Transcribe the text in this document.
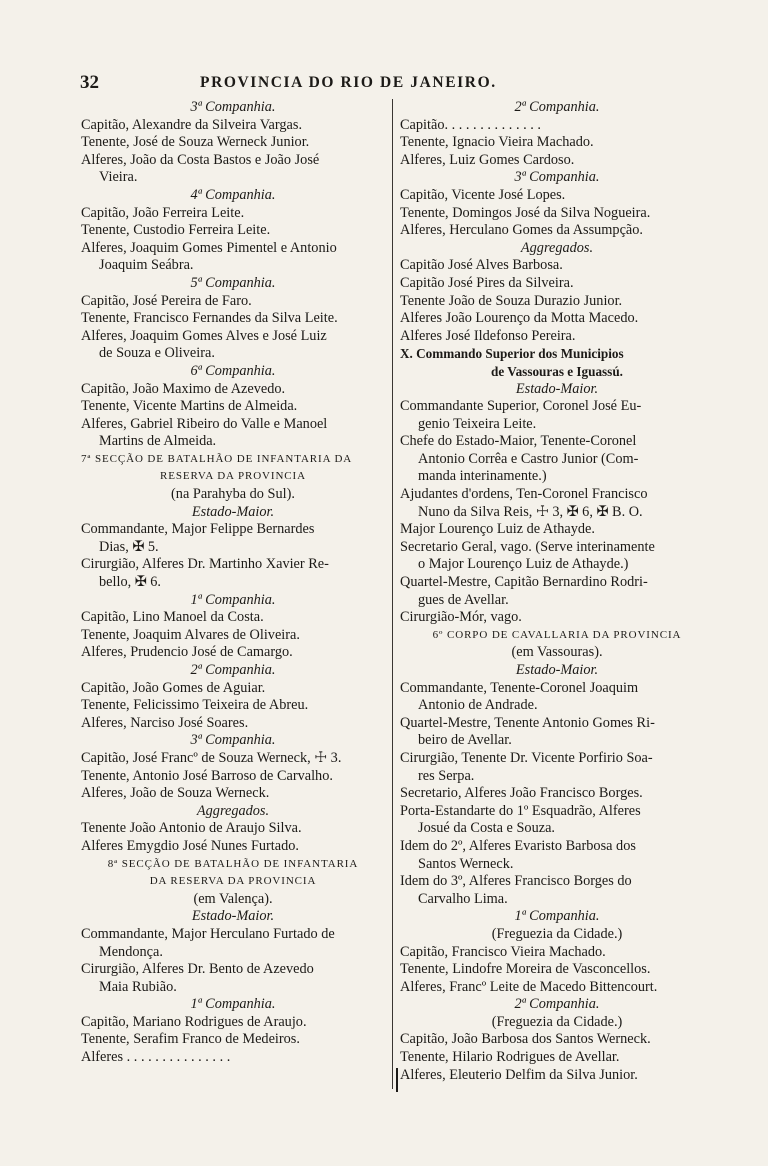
32	PROVINCIA DO RIO DE JANEIRO.
3ª Companhia.
Capitão, Alexandre da Silveira Vargas.
Tenente, José de Souza Werneck Junior.
Alferes, João da Costa Bastos e João José
Vieira.
4ª Companhia.
Capitão, João Ferreira Leite.
Tenente, Custodio Ferreira Leite.
Alferes, Joaquim Gomes Pimentel e Antonio
Joaquim Seábra.
5ª Companhia.
Capitão, José Pereira de Faro.
Tenente, Francisco Fernandes da Silva Leite.
Alferes, Joaquim Gomes Alves e José Luiz
de Souza e Oliveira.
6ª Companhia.
Capitão, João Maximo de Azevedo.
Tenente, Vicente Martins de Almeida.
Alferes, Gabriel Ribeiro do Valle e Manoel
Martins de Almeida.
7ª SECÇÃO DE BATALHÃO DE INFANTARIA DA
RESERVA DA PROVINCIA
(na Parahyba do Sul).
Estado-Maior.
Commandante, Major Felippe Bernardes
Dias, ✠ 5.
Cirurgião, Alferes Dr. Martinho Xavier Re-
bello, ✠ 6.
1ª Companhia.
Capitão, Lino Manoel da Costa.
Tenente, Joaquim Alvares de Oliveira.
Alferes, Prudencio José de Camargo.
2ª Companhia.
Capitão, João Gomes de Aguiar.
Tenente, Felicissimo Teixeira de Abreu.
Alferes, Narciso José Soares.
3ª Companhia.
Capitão, José Francº de Souza Werneck, ☩ 3.
Tenente, Antonio José Barroso de Carvalho.
Alferes, João de Souza Werneck.
Aggregados.
Tenente João Antonio de Araujo Silva.
Alferes Emygdio José Nunes Furtado.
8ª SECÇÃO DE BATALHÃO DE INFANTARIA
DA RESERVA DA PROVINCIA
(em Valença).
Estado-Maior.
Commandante, Major Herculano Furtado de
Mendonça.
Cirurgião, Alferes Dr. Bento de Azevedo
Maia Rubião.
1ª Companhia.
Capitão, Mariano Rodrigues de Araujo.
Tenente, Serafim Franco de Medeiros.
Alferes . . . . . . . . . . . . . . .
2ª Companhia.
Capitão. . . . . . . . . . . . . .
Tenente, Ignacio Vieira Machado.
Alferes, Luiz Gomes Cardoso.
3ª Companhia.
Capitão, Vicente José Lopes.
Tenente, Domingos José da Silva Nogueira.
Alferes, Herculano Gomes da Assumpção.
Aggregados.
Capitão José Alves Barbosa.
Capitão José Pires da Silveira.
Tenente João de Souza Durazio Junior.
Alferes João Lourenço da Motta Macedo.
Alferes José Ildefonso Pereira.
X. Commando Superior dos Municipios
de Vassouras e Iguassú.
Estado-Maior.
Commandante Superior, Coronel José Eu-
genio Teixeira Leite.
Chefe do Estado-Maior, Tenente-Coronel
Antonio Corrêa e Castro Junior (Com-
manda interinamente.)
Ajudantes d'ordens, Ten-Coronel Francisco
Nuno da Silva Reis, ☩ 3, ✠ 6, ✠ B. O.
Major Lourenço Luiz de Athayde.
Secretario Geral, vago. (Serve interinamente
o Major Lourenço Luiz de Athayde.)
Quartel-Mestre, Capitão Bernardino Rodri-
gues de Avellar.
Cirurgião-Mór, vago.
6º CORPO DE CAVALLARIA DA PROVINCIA
(em Vassouras).
Estado-Maior.
Commandante, Tenente-Coronel Joaquim
Antonio de Andrade.
Quartel-Mestre, Tenente Antonio Gomes Ri-
beiro de Avellar.
Cirurgião, Tenente Dr. Vicente Porfirio Soa-
res Serpa.
Secretario, Alferes João Francisco Borges.
Porta-Estandarte do 1º Esquadrão, Alferes
Josué da Costa e Souza.
Idem do 2º, Alferes Evaristo Barbosa dos
Santos Werneck.
Idem do 3º, Alferes Francisco Borges do
Carvalho Lima.
1ª Companhia.
(Freguezia da Cidade.)
Capitão, Francisco Vieira Machado.
Tenente, Lindofre Moreira de Vasconcellos.
Alferes, Francº Leite de Macedo Bittencourt.
2ª Companhia.
(Freguezia da Cidade.)
Capitão, João Barbosa dos Santos Werneck.
Tenente, Hilario Rodrigues de Avellar.
Alferes, Eleuterio Delfim da Silva Junior.
